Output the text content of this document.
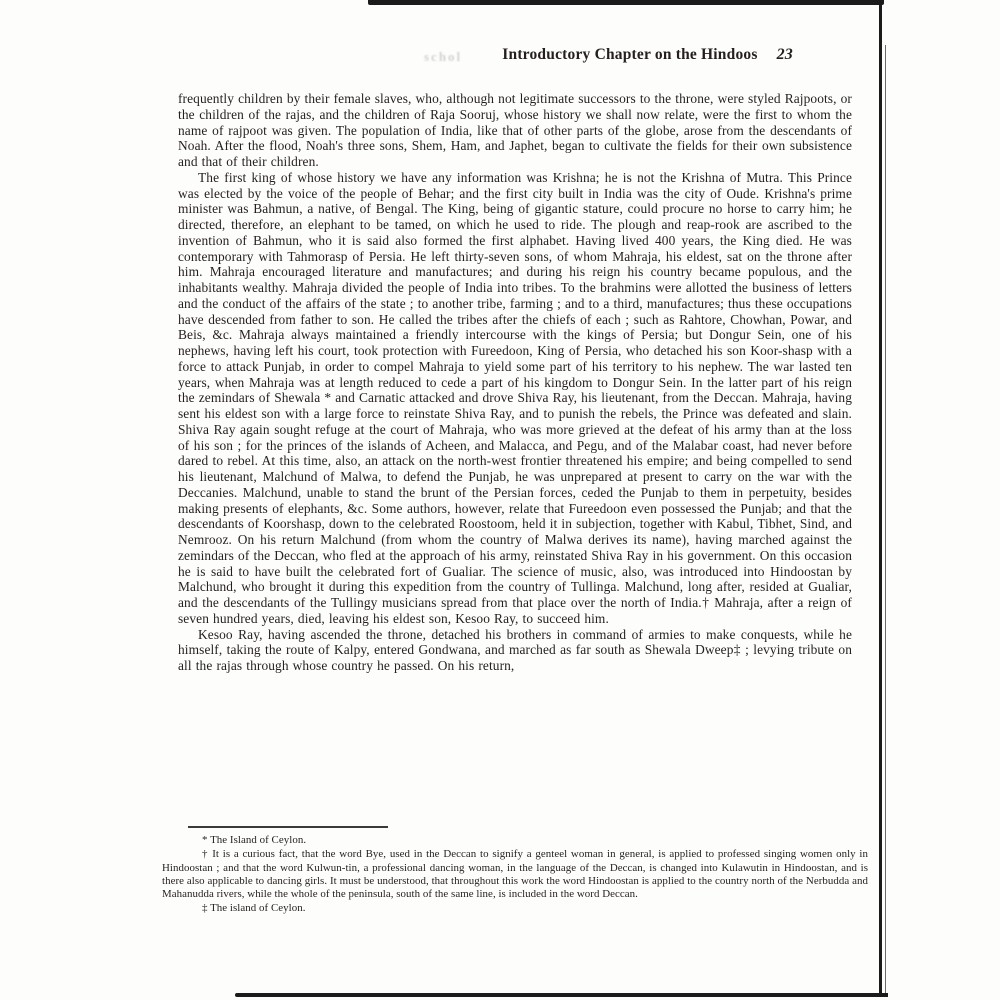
schol	Introductory Chapter on the Hindoos 23

frequently children by their female slaves, who, although not legitimate successors to the throne, were styled Rajpoots, or the children of the rajas, and the children of Raja Sooruj, whose history we shall now relate, were the first to whom the name of rajpoot was given. The population of India, like that of other parts of the globe, arose from the descendants of Noah. After the flood, Noah's three sons, Shem, Ham, and Japhet, began to cultivate the fields for their own subsistence and that of their children.

The first king of whose history we have any information was Krishna; he is not the Krishna of Mutra. This Prince was elected by the voice of the people of Behar; and the first city built in India was the city of Oude. Krishna's prime minister was Bahmun, a native, of Bengal. The King, being of gigantic stature, could procure no horse to carry him; he directed, therefore, an elephant to be tamed, on which he used to ride. The plough and reap-rook are ascribed to the invention of Bahmun, who it is said also formed the first alphabet. Having lived 400 years, the King died. He was contemporary with Tahmorasp of Persia. He left thirty-seven sons, of whom Mahraja, his eldest, sat on the throne after him. Mahraja encouraged literature and manufactures; and during his reign his country became populous, and the inhabitants wealthy. Mahraja divided the people of India into tribes. To the brahmins were allotted the business of letters and the conduct of the affairs of the state ; to another tribe, farming ; and to a third, manufactures; thus these occupations have descended from father to son. He called the tribes after the chiefs of each ; such as Rahtore, Chowhan, Powar, and Beis, &c. Mahraja always maintained a friendly intercourse with the kings of Persia; but Dongur Sein, one of his nephews, having left his court, took protection with Fureedoon, King of Persia, who detached his son Koor-shasp with a force to attack Punjab, in order to compel Mahraja to yield some part of his territory to his nephew. The war lasted ten years, when Mahraja was at length reduced to cede a part of his kingdom to Dongur Sein. In the latter part of his reign the zemindars of Shewala * and Carnatic attacked and drove Shiva Ray, his lieutenant, from the Deccan. Mahraja, having sent his eldest son with a large force to reinstate Shiva Ray, and to punish the rebels, the Prince was defeated and slain. Shiva Ray again sought refuge at the court of Mahraja, who was more grieved at the defeat of his army than at the loss of his son ; for the princes of the islands of Acheen, and Malacca, and Pegu, and of the Malabar coast, had never before dared to rebel. At this time, also, an attack on the north-west frontier threatened his empire; and being compelled to send his lieutenant, Malchund of Malwa, to defend the Punjab, he was unprepared at present to carry on the war with the Deccanies. Malchund, unable to stand the brunt of the Persian forces, ceded the Punjab to them in perpetuity, besides making presents of elephants, &c. Some authors, however, relate that Fureedoon even possessed the Punjab; and that the descendants of Koorshasp, down to the celebrated Roostoom, held it in subjection, together with Kabul, Tibhet, Sind, and Nemrooz. On his return Malchund (from whom the country of Malwa derives its name), having marched against the zemindars of the Deccan, who fled at the approach of his army, reinstated Shiva Ray in his government. On this occasion he is said to have built the celebrated fort of Gualiar. The science of music, also, was introduced into Hindoostan by Malchund, who brought it during this expedition from the country of Tullinga. Malchund, long after, resided at Gualiar, and the descendants of the Tullingy musicians spread from that place over the north of India.† Mahraja, after a reign of seven hundred years, died, leaving his eldest son, Kesoo Ray, to succeed him.

Kesoo Ray, having ascended the throne, detached his brothers in command of armies to make conquests, while he himself, taking the route of Kalpy, entered Gondwana, and marched as far south as Shewala Dweep‡ ; levying tribute on all the rajas through whose country he passed. On his return,

* The Island of Ceylon.

† It is a curious fact, that the word Bye, used in the Deccan to signify a genteel woman in general, is applied to professed singing women only in Hindoostan ; and that the word Kulwun-tin, a professional dancing woman, in the language of the Deccan, is changed into Kulawutin in Hindoostan, and is there also applicable to dancing girls. It must be understood, that throughout this work the word Hindoostan is applied to the country north of the Nerbudda and Mahanudda rivers, while the whole of the peninsula, south of the same line, is included in the word Deccan.

‡ The island of Ceylon.
